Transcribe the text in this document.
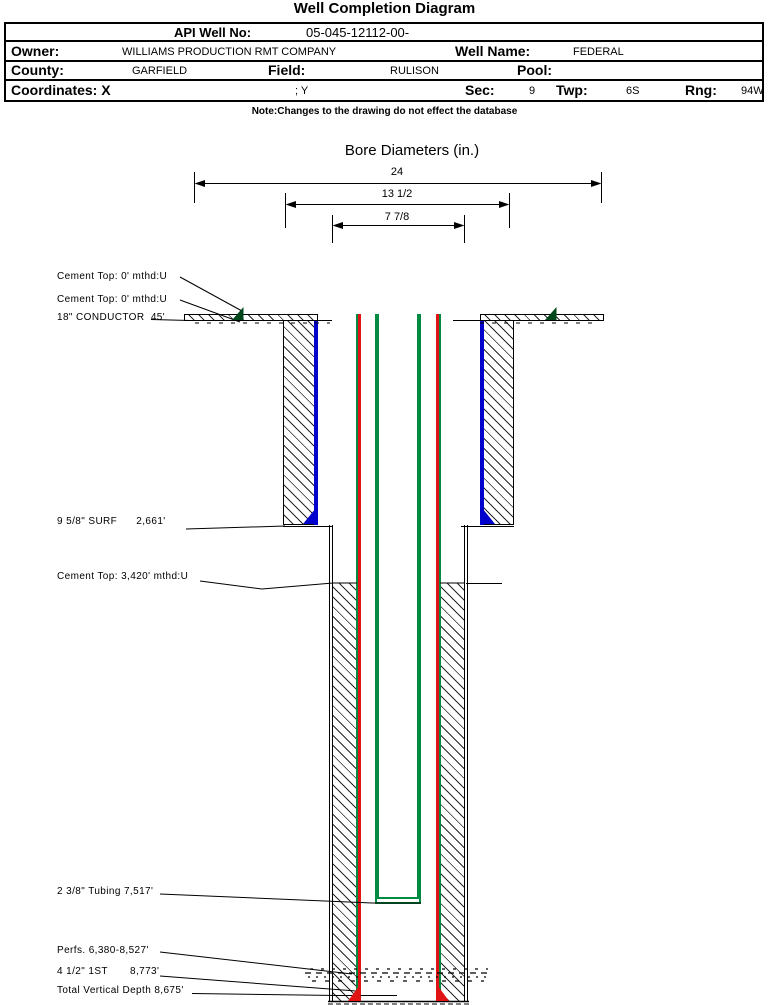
Well Completion Diagram
API Well No:	05-045-12112-00-
Owner:	WILLIAMS PRODUCTION RMT COMPANY	Well Name:	FEDERAL
County:	GARFIELD	Field:	RULISON	Pool:
Coordinates: X	; Y	Sec:	9 Twp:	6S	Rng: 94W
Note:Changes to the drawing do not effect the database
Bore Diameters (in.)
24
13 1/2
7 7/8
Cement Top: 0' mthd:U
Cement Top: 0' mthd:U
18" CONDUCTOR  45'
9 5/8" SURF      2,661'
Cement Top: 3,420' mthd:U
2 3/8" Tubing 7,517'
Perfs. 6,380-8,527'
4 1/2" 1ST       8,773'
Total Vertical Depth 8,675'
